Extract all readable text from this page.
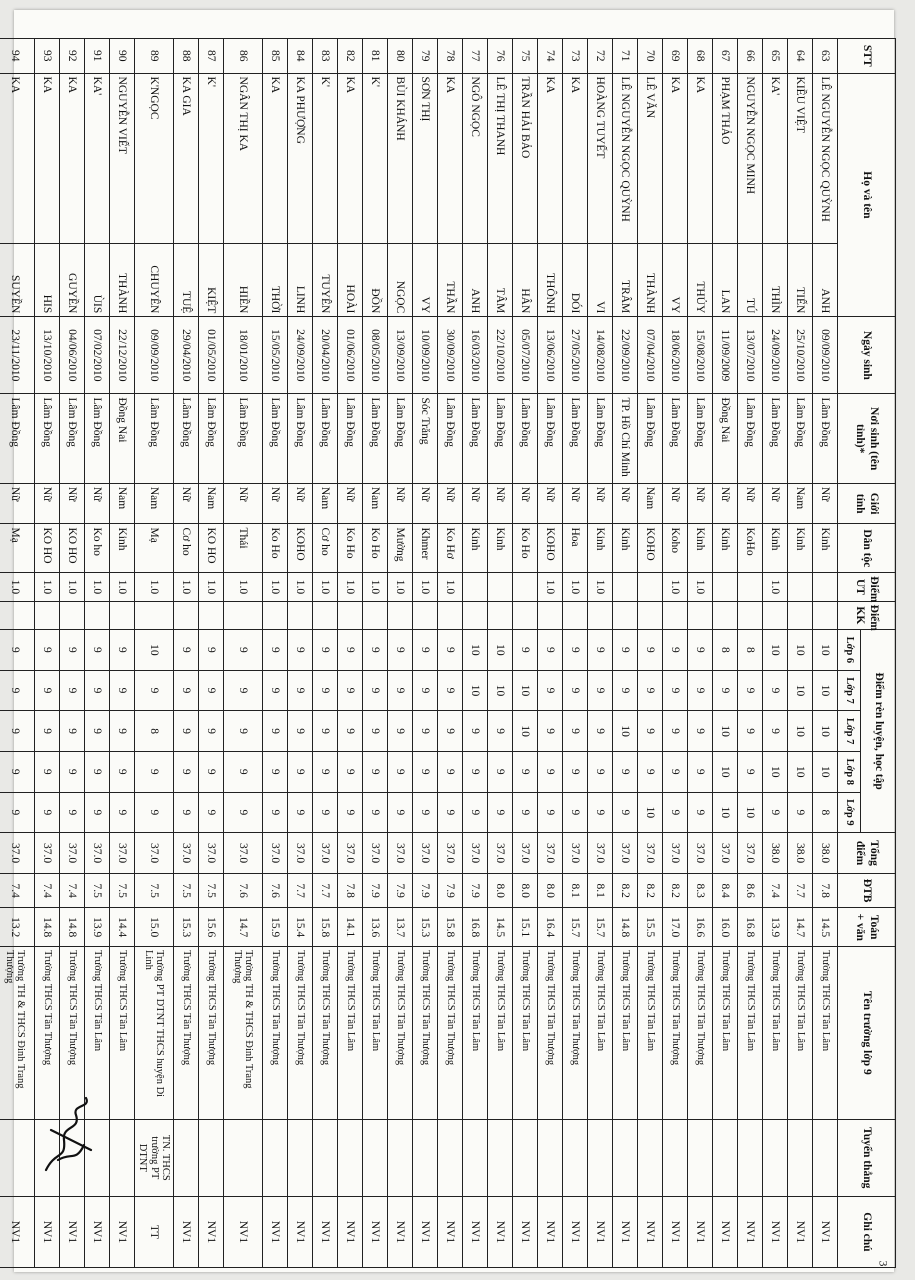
STT	Họ và tên		Ngày sinh	Nơi sinh (tên tỉnh)*	Giới tính	Dân tộc	Điểm UT	Điểm KK	Điểm rèn luyện, học tập					Tổng điểm	ĐTB	Toán + văn	Tên trường lớp 9	Tuyển thẳng	Ghi chú
									Lớp 6	Lớp 7	Lớp 7	Lớp 8	Lớp 9						
63	LÊ NGUYỄN NGỌC QUỲNH	ANH	09/09/2010	Lâm Đồng	Nữ	Kinh			10	10	10	10	8	38.0	7.8	14.5	Trường THCS Tân Lâm		NV1
64	KIỀU VIỆT	TIẾN	25/10/2010	Lâm Đồng	Nam	Kinh			10	10	10	10	9	38.0	7.7	14.7	Trường THCS Tân Lâm		NV1
65	KA'	THÌN	24/09/2010	Lâm Đồng	Nữ	Kinh	1.0		10	9	9	10	9	38.0	7.4	13.9	Trường THCS Tân Lâm		NV1
66	NGUYỄN NGỌC MINH	TÚ	13/07/2010	Lâm Đồng	Nữ	KoHo			8	9	9	9	10	37.0	8.6	16.8	Trường THCS Tân Lâm		NV1
67	PHẠM THẢO	LAN	11/09/2009	Đồng Nai	Nữ	Kinh			8	9	10	10	10	37.0	8.4	16.0	Trường THCS Tân Lâm		NV1
68	KA	THỦY	15/08/2010	Lâm Đồng	Nữ	Kinh	1.0		9	9	9	9	9	37.0	8.3	16.6	Trường THCS Tân Thượng		NV1
69	KA	VY	18/06/2010	Lâm Đồng	Nữ	Koho	1.0		9	9	9	9	9	37.0	8.2	17.0	Trường THCS Tân Thượng		NV1
70	LÊ VĂN	THÀNH	07/04/2010	Lâm Đồng	Nam	KOHO			9	9	9	9	10	37.0	8.2	15.5	Trường THCS Tân Lâm		NV1
71	LÊ NGUYỄN NGỌC QUỲNH	TRÂM	22/09/2010	TP. Hồ Chí Minh	Nữ	Kinh			9	9	10	9	9	37.0	8.2	14.8	Trường THCS Tân Lâm		NV1
72	HOÀNG TUYẾT	VI	14/08/2010	Lâm Đồng	Nữ	Kinh	1.0		9	9	9	9	9	37.0	8.1	15.7	Trường THCS Tân Lâm		NV1
73	KA	DÓI	27/05/2010	Lâm Đồng	Nữ	Hoa	1.0		9	9	9	9	9	37.0	8.1	15.7	Trường THCS Tân Thượng		NV1
74	KA	THÔNH	13/06/2010	Lâm Đồng	Nữ	KOHO	1.0		9	9	9	9	9	37.0	8.0	16.4	Trường THCS Tân Thượng		NV1
75	TRẦN HẢI BẢO	HÂN	05/07/2010	Lâm Đồng	Nữ	Ko Ho			9	10	10	9	9	37.0	8.0	15.1	Trường THCS Tân Lâm		NV1
76	LÊ THỊ THANH	TÂM	22/10/2010	Lâm Đồng	Nữ	Kinh			10	10	9	9	9	37.0	8.0	14.5	Trường THCS Tân Lâm		NV1
77	NGÔ NGỌC	ANH	16/03/2010	Lâm Đồng	Nữ	Kinh			10	10	9	9	9	37.0	7.9	16.8	Trường THCS Tân Lâm		NV1
78	KA	THẦN	30/09/2010	Lâm Đồng	Nữ	Ko Hơ	1.0		9	9	9	9	9	37.0	7.9	15.8	Trường THCS Tân Thượng		NV1
79	SƠN THỊ	VY	10/09/2010	Sóc Trăng	Nữ	Khmer	1.0		9	9	9	9	9	37.0	7.9	15.3	Trường THCS Tân Thượng		NV1
80	BÙI KHÁNH	NGỌC	13/09/2010	Lâm Đồng	Nữ	Mường	1.0		9	9	9	9	9	37.0	7.9	13.7	Trường THCS Tân Thượng		NV1
81	K'	ĐỒN	08/05/2010	Lâm Đồng	Nam	Ko Ho	1.0		9	9	9	9	9	37.0	7.9	13.6	Trường THCS Tân Lâm		NV1
82	KA	HOÀI	01/06/2010	Lâm Đồng	Nữ	Ko Ho	1.0		9	9	9	9	9	37.0	7.8	14.1	Trường THCS Tân Lâm		NV1
83	K'	TUYÊN	20/04/2010	Lâm Đồng	Nam	Cơ ho	1.0		9	9	9	9	9	37.0	7.7	15.8	Trường THCS Tân Thượng		NV1
84	KA PHƯỢNG	LINH	24/09/2010	Lâm Đồng	Nữ	KOHO	1.0		9	9	9	9	9	37.0	7.7	15.4	Trường THCS Tân Thượng		NV1
85	KA	THỜI	15/05/2010	Lâm Đồng	Nữ	Ko Ho	1.0		9	9	9	9	9	37.0	7.6	15.9	Trường THCS Tân Thượng		NV1
86	NGÂN THỊ KA	HIỀN	18/01/2010	Lâm Đồng	Nữ	Thái	1.0		9	9	9	9	9	37.0	7.6	14.7	Trường TH & THCS Đinh Trang Thượng		NV1
87	K'	KIỆT	01/05/2010	Lâm Đồng	Nam	KO HO	1.0		9	9	9	9	9	37.0	7.5	15.6	Trường THCS Tân Thượng		NV1
88	KA GIA	TUỆ	29/04/2010	Lâm Đồng	Nữ	Cơ ho	1.0		9	9	9	9	9	37.0	7.5	15.3	Trường THCS Tân Thượng		NV1
89	K'NGỌC	CHUYÊN	09/09/2010	Lâm Đồng	Nam	Mạ	1.0		10	9	8	9	9	37.0	7.5	15.0	Trường PT DTNT THCS huyện Di Linh	TN. THCS trường PT DTNT	TT
90	NGUYỄN VIẾT	THÀNH	22/12/2010	Đồng Nai	Nam	Kinh	1.0		9	9	9	9	9	37.0	7.5	14.4	Trường THCS Tân Lâm		NV1
91	KA'	ÙIS	07/02/2010	Lâm Đồng	Nữ	Ko ho	1.0		9	9	9	9	9	37.0	7.5	13.9	Trường THCS Tân Lâm		NV1
92	KA	GUYỀN	04/06/2010	Lâm Đồng	Nữ	KO HO	1.0		9	9	9	9	9	37.0	7.4	14.8	Trường THCS Tân Thượng		NV1
93	KA	HIS	13/10/2010	Lâm Đồng	Nữ	KO HO	1.0		9	9	9	9	9	37.0	7.4	14.8	Trường THCS Tân Thượng		NV1
94	KA	SUYỀN	23/11/2010	Lâm Đồng	Nữ	Mạ	1.0		9	9	9	9	9	37.0	7.4	13.2	Trường TH & THCS Đinh Trang Thượng		NV1

3
